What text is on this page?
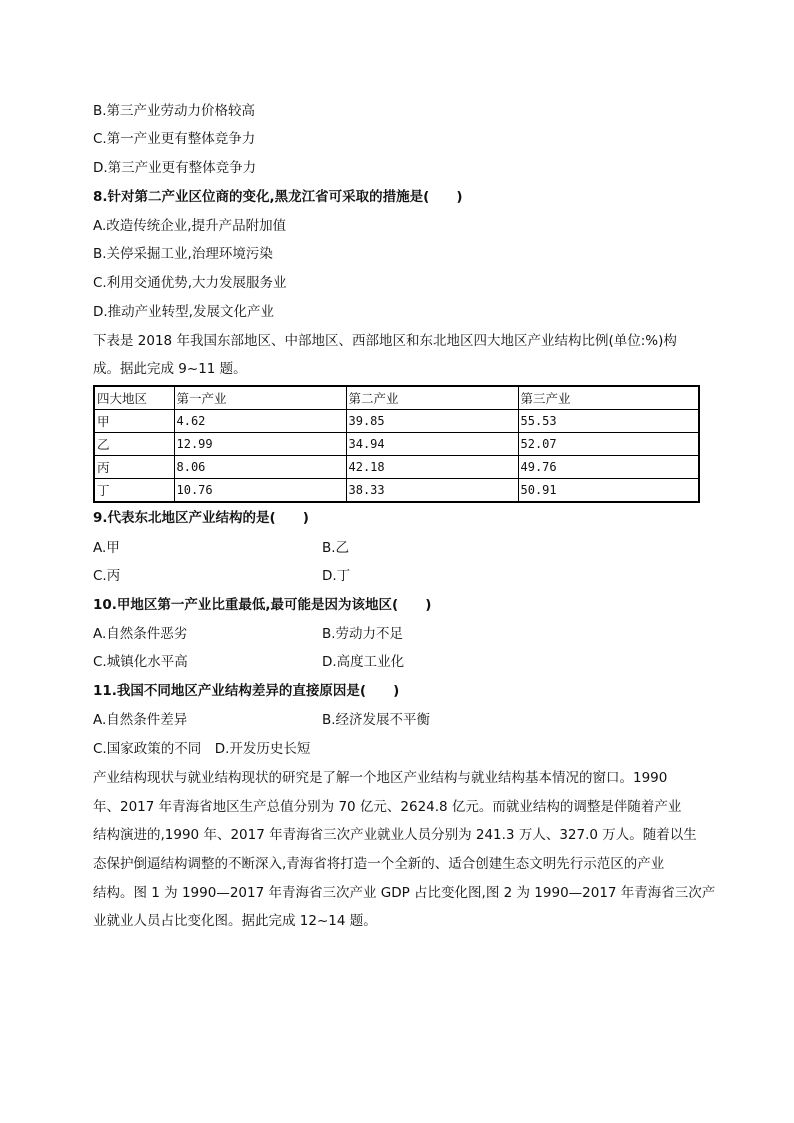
B.第三产业劳动力价格较高
C.第一产业更有整体竞争力
D.第三产业更有整体竞争力
8.针对第二产业区位商的变化,黑龙江省可采取的措施是(　　)
A.改造传统企业,提升产品附加值
B.关停采掘工业,治理环境污染
C.利用交通优势,大力发展服务业
D.推动产业转型,发展文化产业
下表是 2018 年我国东部地区、中部地区、西部地区和东北地区四大地区产业结构比例(单位:%)构
成。据此完成 9~11 题。
四大地区	第一产业	第二产业	第三产业
甲	4.62	39.85	55.53
乙	12.99	34.94	52.07
丙	8.06	42.18	49.76
丁	10.76	38.33	50.91
9.代表东北地区产业结构的是(　　)
A.甲	B.乙
C.丙	D.丁
10.甲地区第一产业比重最低,最可能是因为该地区(　　)
A.自然条件恶劣	B.劳动力不足
C.城镇化水平高	D.高度工业化
11.我国不同地区产业结构差异的直接原因是(　　)
A.自然条件差异	B.经济发展不平衡
C.国家政策的不同　D.开发历史长短
产业结构现状与就业结构现状的研究是了解一个地区产业结构与就业结构基本情况的窗口。1990
年、2017 年青海省地区生产总值分别为 70 亿元、2624.8 亿元。而就业结构的调整是伴随着产业
结构演进的,1990 年、2017 年青海省三次产业就业人员分别为 241.3 万人、327.0 万人。随着以生
态保护倒逼结构调整的不断深入,青海省将打造一个全新的、适合创建生态文明先行示范区的产业
结构。图 1 为 1990—2017 年青海省三次产业 GDP 占比变化图,图 2 为 1990—2017 年青海省三次产
业就业人员占比变化图。据此完成 12~14 题。
